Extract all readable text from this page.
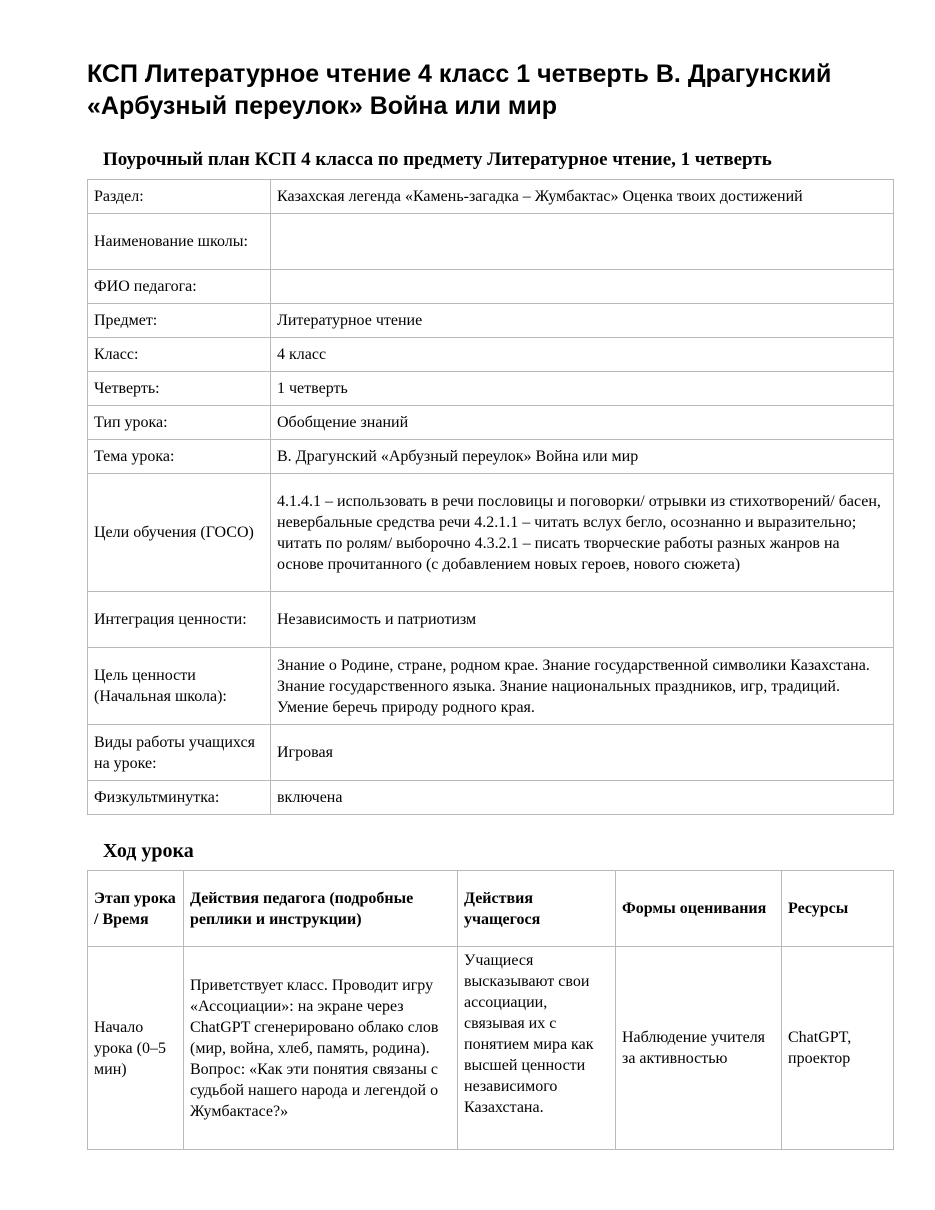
КСП Литературное чтение 4 класс 1 четверть В. Драгунский «Арбузный переулок» Война или мир
Поурочный план КСП 4 класса по предмету Литературное чтение, 1 четверть
Раздел:	Казахская легенда «Камень-загадка – Жумбактас» Оценка твоих достижений
Наименование школы:	
ФИО педагога:	
Предмет:	Литературное чтение
Класс:	4 класс
Четверть:	1 четверть
Тип урока:	Обобщение знаний
Тема урока:	В. Драгунский «Арбузный переулок» Война или мир
Цели обучения (ГОСО)	4.1.4.1 – использовать в речи пословицы и поговорки/ отрывки из стихотворений/ басен, невербальные средства речи 4.2.1.1 – читать вслух бегло, осознанно и выразительно; читать по ролям/ выборочно 4.3.2.1 – писать творческие работы разных жанров на основе прочитанного (с добавлением новых героев, нового сюжета)
Интеграция ценности:	Независимость и патриотизм
Цель ценности (Начальная школа):	Знание о Родине, стране, родном крае. Знание государственной символики Казахстана. Знание государственного языка. Знание национальных праздников, игр, традиций. Умение беречь природу родного края.
Виды работы учащихся на уроке:	Игровая
Физкультминутка:	включена
Ход урока
Этап урока / Время	Действия педагога (подробные реплики и инструкции)	Действия учащегося	Формы оценивания	Ресурсы
Начало урока (0–5 мин)	Приветствует класс. Проводит игру «Ассоциации»: на экране через ChatGPT сгенерировано облако слов (мир, война, хлеб, память, родина). Вопрос: «Как эти понятия связаны с судьбой нашего народа и легендой о Жумбактасе?»	Учащиеся высказывают свои ассоциации, связывая их с понятием мира как высшей ценности независимого Казахстана.	Наблюдение учителя за активностью	ChatGPT, проектор
